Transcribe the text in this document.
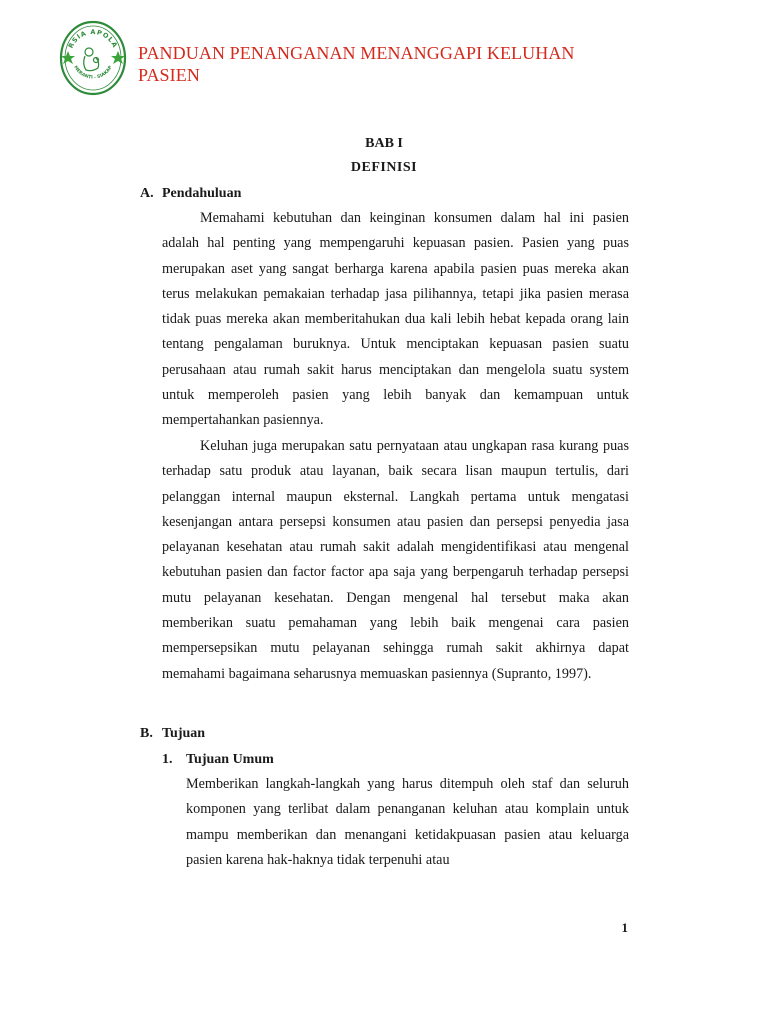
RSIA APOLA
MERANTI - SIAKAP
PANDUAN PENANGANAN MENANGGAPI KELUHAN PASIEN
BAB I
DEFINISI
A. Pendahuluan

Memahami kebutuhan dan keinginan konsumen dalam hal ini pasien adalah hal penting yang mempengaruhi kepuasan pasien. Pasien yang puas merupakan aset yang sangat berharga karena apabila pasien puas mereka akan terus melakukan pemakaian terhadap jasa pilihannya, tetapi jika pasien merasa tidak puas mereka akan memberitahukan dua kali lebih hebat kepada orang lain tentang pengalaman buruknya. Untuk menciptakan kepuasan pasien suatu perusahaan atau rumah sakit harus menciptakan dan mengelola suatu system untuk memperoleh pasien yang lebih banyak dan kemampuan untuk mempertahankan pasiennya.

Keluhan juga merupakan satu pernyataan atau ungkapan rasa kurang puas terhadap satu produk atau layanan, baik secara lisan maupun tertulis, dari pelanggan internal maupun eksternal. Langkah pertama untuk mengatasi kesenjangan antara persepsi konsumen atau pasien dan persepsi penyedia jasa pelayanan kesehatan atau rumah sakit adalah mengidentifikasi atau mengenal kebutuhan pasien dan factor factor apa saja yang berpengaruh terhadap persepsi mutu pelayanan kesehatan. Dengan mengenal hal tersebut maka akan memberikan suatu pemahaman yang lebih baik mengenai cara pasien mempersepsikan mutu pelayanan sehingga rumah sakit akhirnya dapat memahami bagaimana seharusnya memuaskan pasiennya (Supranto, 1997).

B. Tujuan
1. Tujuan Umum

Memberikan langkah-langkah yang harus ditempuh oleh staf dan seluruh komponen yang terlibat dalam penanganan keluhan atau komplain untuk mampu memberikan dan menangani ketidakpuasan pasien atau keluarga pasien karena hak-haknya tidak terpenuhi atau

1
